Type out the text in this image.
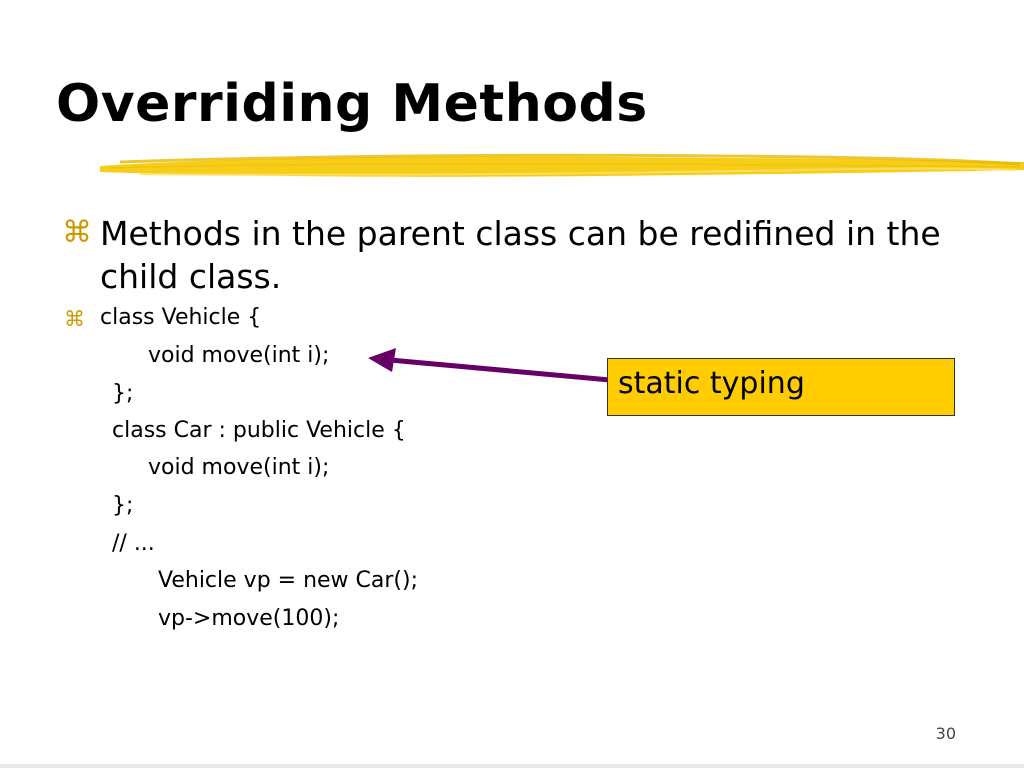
Overriding Methods
⌘ Methods in the parent class can be redifined in the child class.
⌘ class Vehicle {
void move(int i);
};
class Car : public Vehicle {
void move(int i);
};
// ...
Vehicle vp = new Car();
vp->move(100);
static typing
30
